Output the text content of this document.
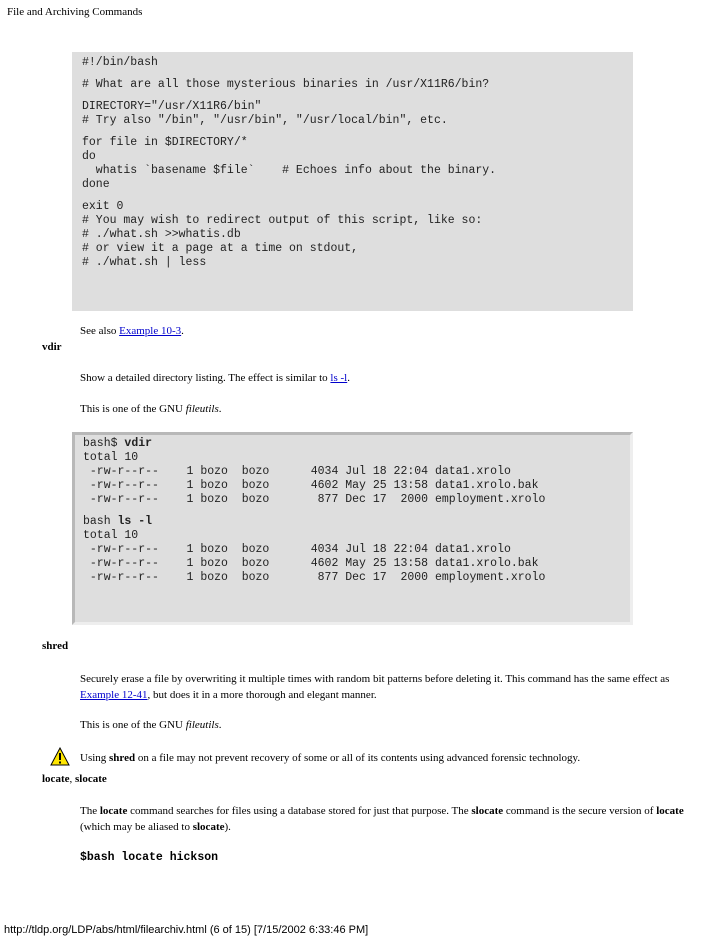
File and Archiving Commands
#!/bin/bash
# What are all those mysterious binaries in /usr/X11R6/bin?
DIRECTORY="/usr/X11R6/bin"
# Try also "/bin", "/usr/bin", "/usr/local/bin", etc.
for file in $DIRECTORY/*
do
whatis `basename $file`    # Echoes info about the binary.
done
exit 0
# You may wish to redirect output of this script, like so:
# ./what.sh >>whatis.db
# or view it a page at a time on stdout,
# ./what.sh | less
See also Example 10-3.
vdir
Show a detailed directory listing. The effect is similar to ls -l.
This is one of the GNU fileutils.
bash$ vdir
total 10
-rw-r--r--    1 bozo  bozo      4034 Jul 18 22:04 data1.xrolo
-rw-r--r--    1 bozo  bozo      4602 May 25 13:58 data1.xrolo.bak
-rw-r--r--    1 bozo  bozo       877 Dec 17  2000 employment.xrolo
bash ls -l
total 10
-rw-r--r--    1 bozo  bozo      4034 Jul 18 22:04 data1.xrolo
-rw-r--r--    1 bozo  bozo      4602 May 25 13:58 data1.xrolo.bak
-rw-r--r--    1 bozo  bozo       877 Dec 17  2000 employment.xrolo
shred
Securely erase a file by overwriting it multiple times with random bit patterns before deleting it. This command has the same effect as Example 12-41, but does it in a more thorough and elegant manner.
This is one of the GNU fileutils.
Using shred on a file may not prevent recovery of some or all of its contents using advanced forensic technology.
locate, slocate
The locate command searches for files using a database stored for just that purpose. The slocate command is the secure version of locate (which may be aliased to slocate).
$bash locate hickson
http://tldp.org/LDP/abs/html/filearchiv.html (6 of 15) [7/15/2002 6:33:46 PM]
